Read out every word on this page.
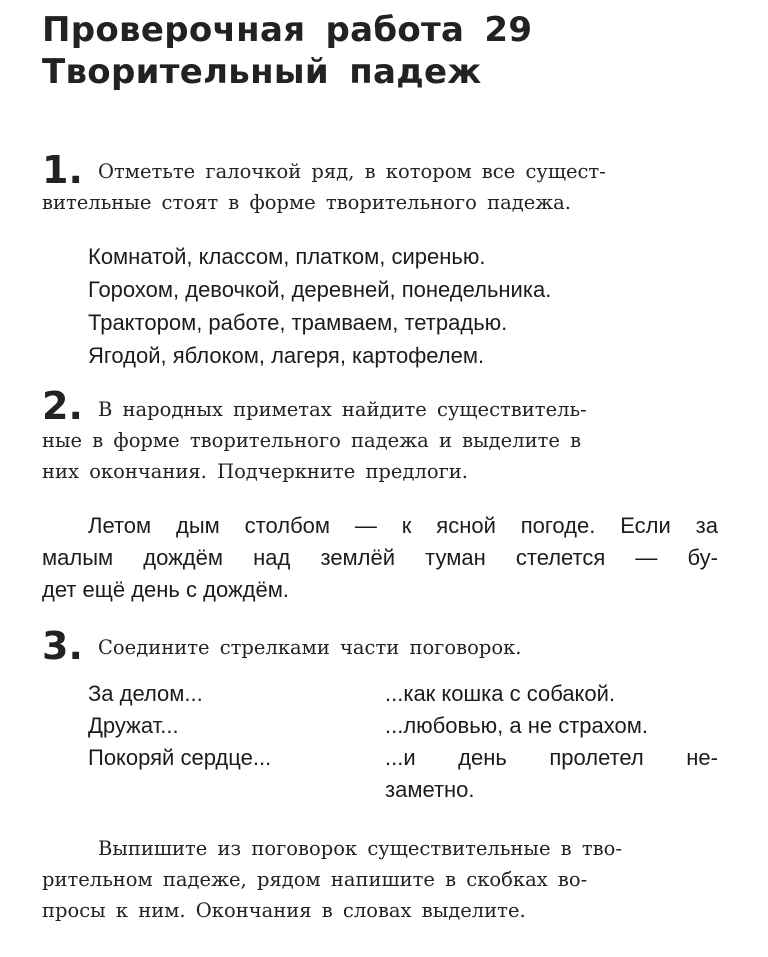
Проверочная работа 29
Творительный падеж
1. Отметьте галочкой ряд, в котором все сущест-
вительные стоят в форме творительного падежа.
Комнатой, классом, платком, сиренью.
Горохом, девочкой, деревней, понедельника.
Трактором, работе, трамваем, тетрадью.
Ягодой, яблоком, лагеря, картофелем.
2. В народных приметах найдите существитель-
ные в форме творительного падежа и выделите в
них окончания. Подчеркните предлоги.
Летом дым столбом — к ясной погоде. Если за
малым дождём над землёй туман стелется — бу-
дет ещё день с дождём.
3. Соедините стрелками части поговорок.
За делом...
Дружат...
Покоряй сердце...
...как кошка с собакой.
...любовью, а не страхом.
...и день пролетел не-
заметно.
Выпишите из поговорок существительные в тво-
рительном падеже, рядом напишите в скобках во-
просы к ним. Окончания в словах выделите.
